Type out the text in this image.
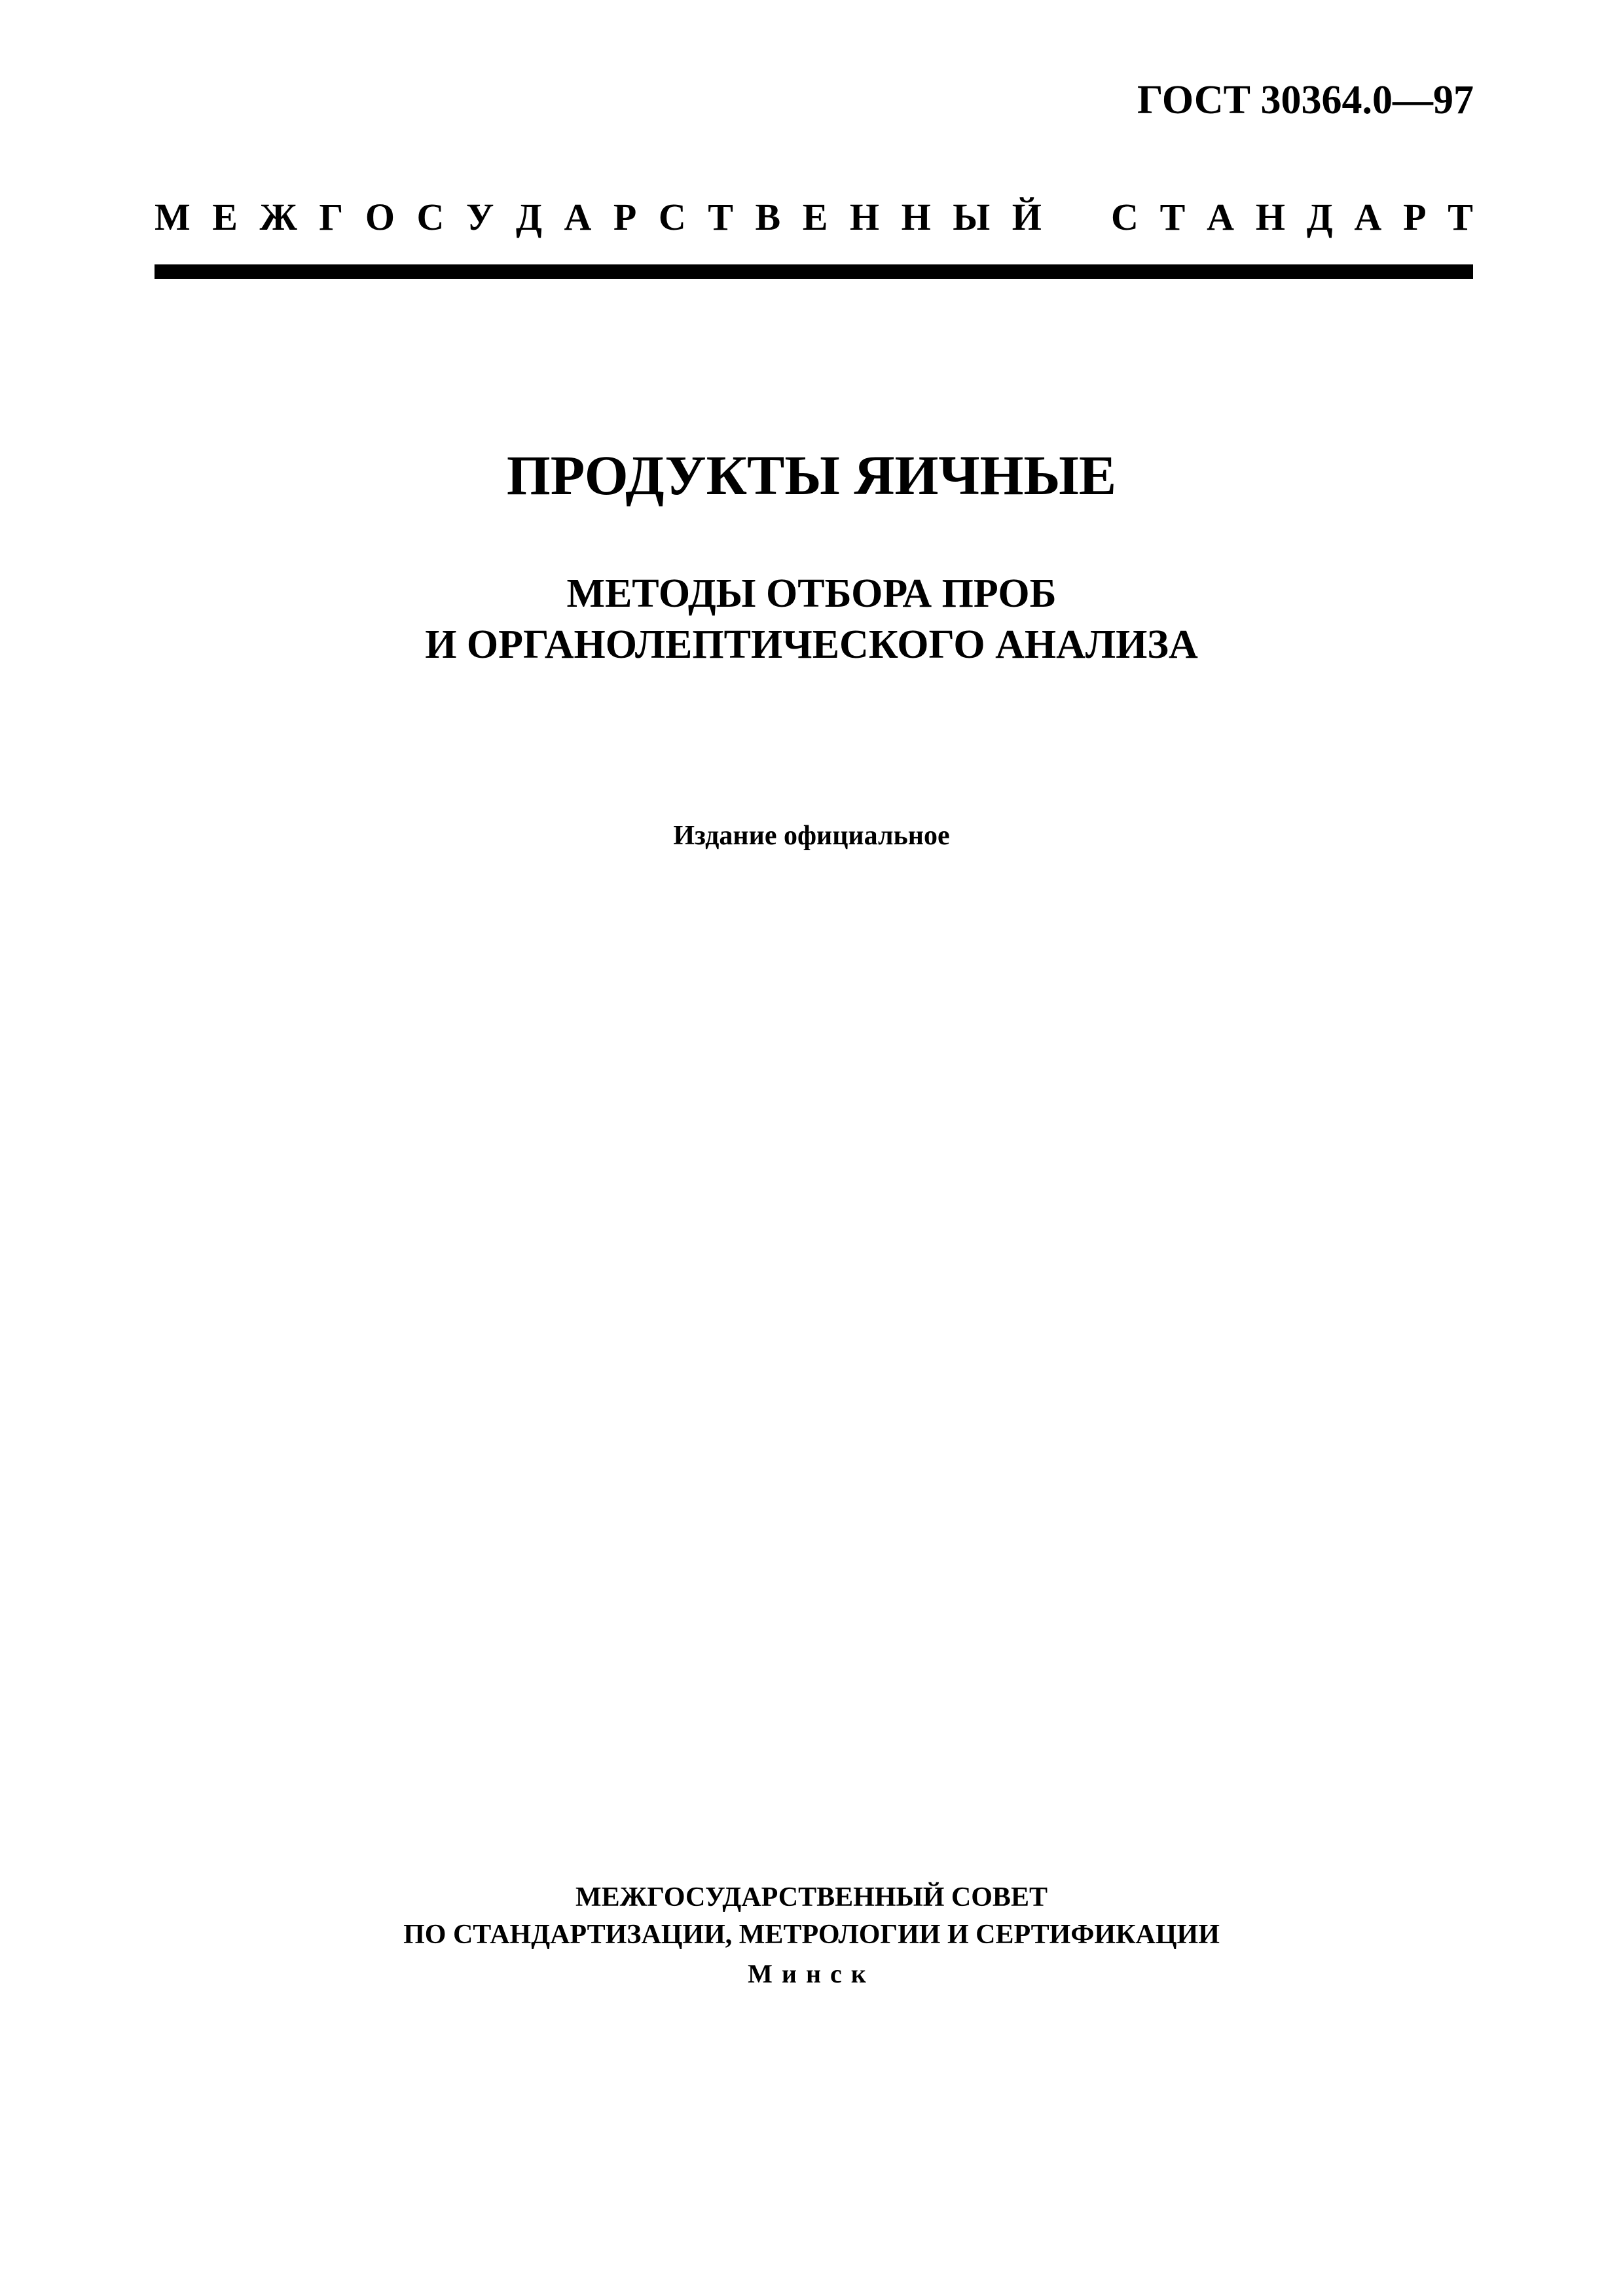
ГОСТ 30364.0—97
М Е Ж Г О С У Д А Р С Т В Е Н Н Ы Й С Т А Н Д А Р Т
ПРОДУКТЫ ЯИЧНЫЕ
МЕТОДЫ ОТБОРА ПРОБ
И ОРГАНОЛЕПТИЧЕСКОГО АНАЛИЗА
Издание официальное
МЕЖГОСУДАРСТВЕННЫЙ СОВЕТ
ПО СТАНДАРТИЗАЦИИ, МЕТРОЛОГИИ И СЕРТИФИКАЦИИ
Минск
